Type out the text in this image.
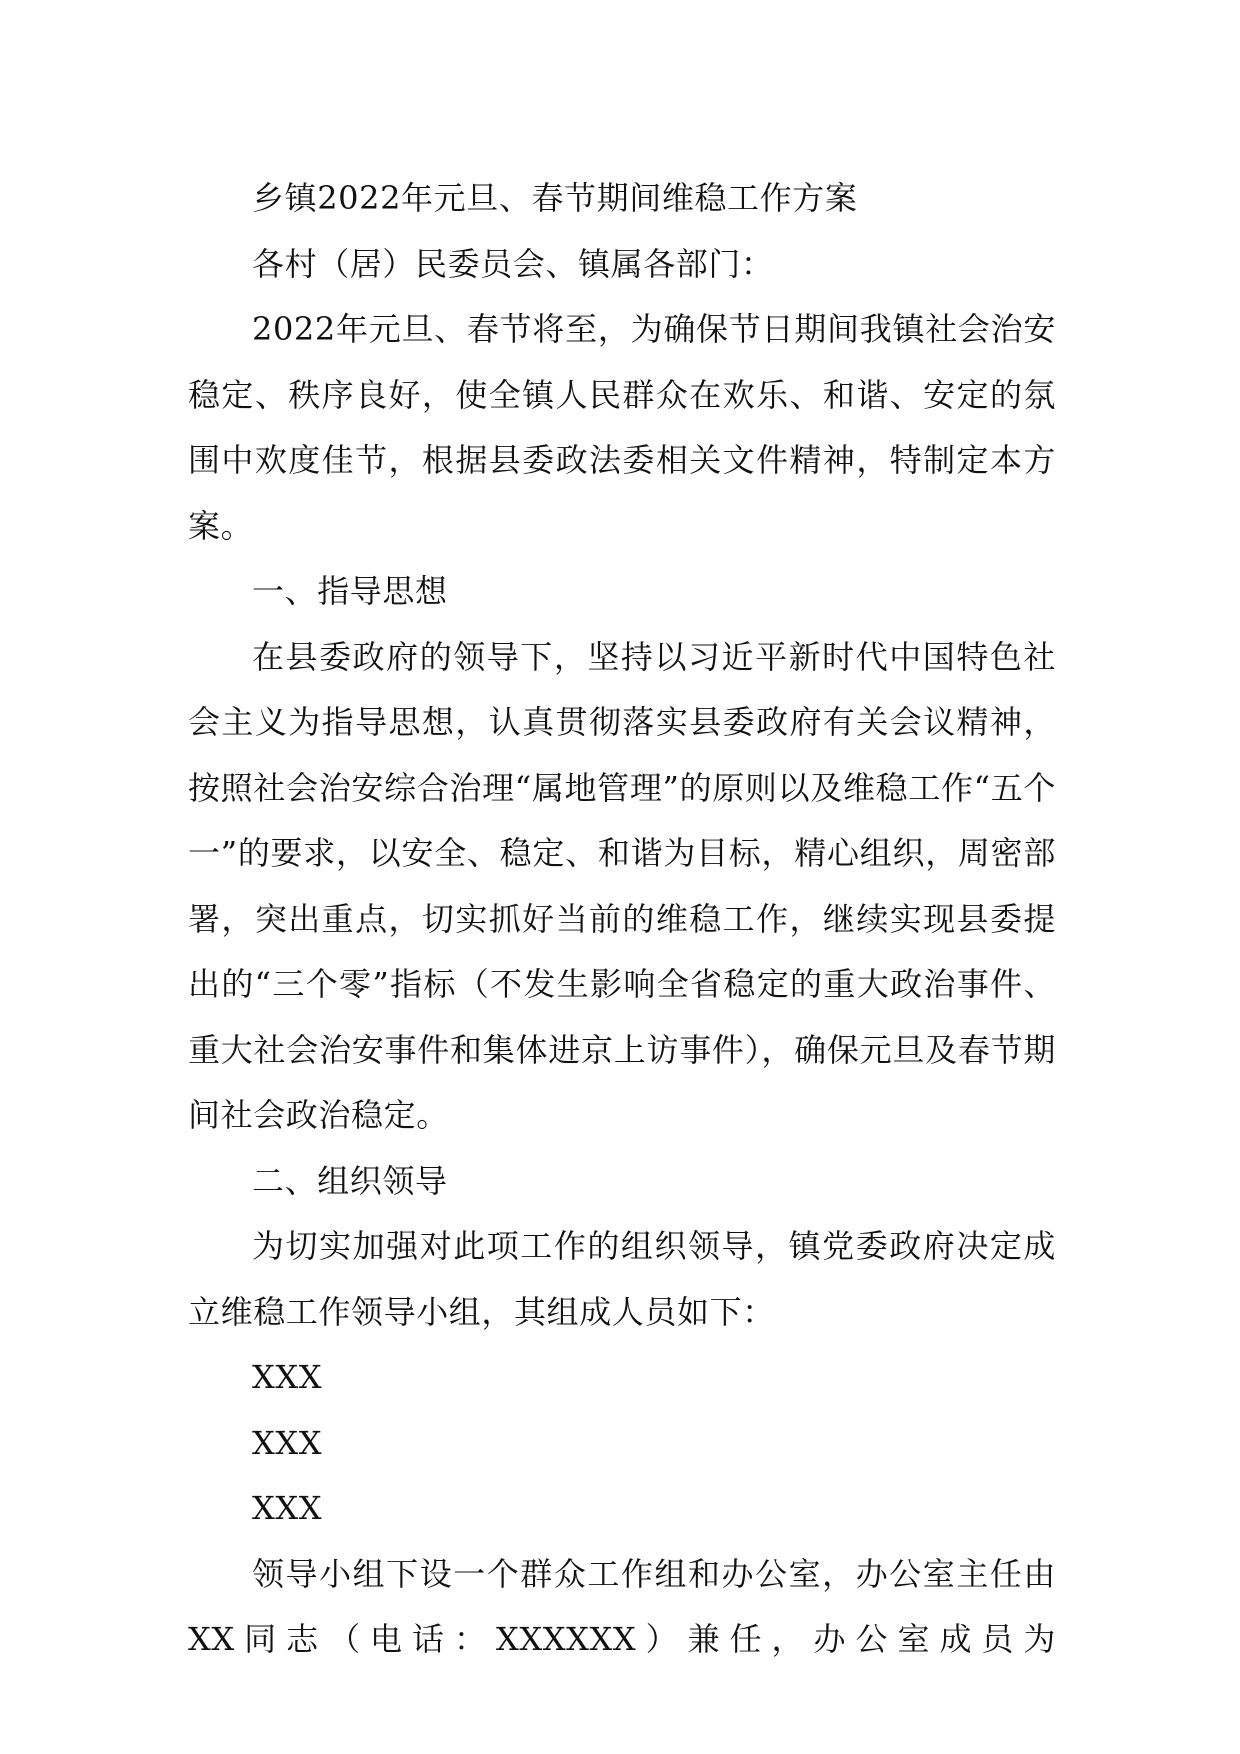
乡镇2022年元旦、春节期间维稳工作方案

各村（居）民委员会、镇属各部门：

2022年元旦、春节将至，为确保节日期间我镇社会治安稳定、秩序良好，使全镇人民群众在欢乐、和谐、安定的氛围中欢度佳节，根据县委政法委相关文件精神，特制定本方案。

一、指导思想

在县委政府的领导下，坚持以习近平新时代中国特色社会主义为指导思想，认真贯彻落实县委政府有关会议精神，按照社会治安综合治理“属地管理”的原则以及维稳工作“五个一”的要求，以安全、稳定、和谐为目标，精心组织，周密部署，突出重点，切实抓好当前的维稳工作，继续实现县委提出的“三个零”指标（不发生影响全省稳定的重大政治事件、重大社会治安事件和集体进京上访事件），确保元旦及春节期间社会政治稳定。

二、组织领导

为切实加强对此项工作的组织领导，镇党委政府决定成立维稳工作领导小组，其组成人员如下：

XXX

XXX

XXX

领导小组下设一个群众工作组和办公室，办公室主任由XX同志（电话：XXXXXX）兼任，办公室成员为
